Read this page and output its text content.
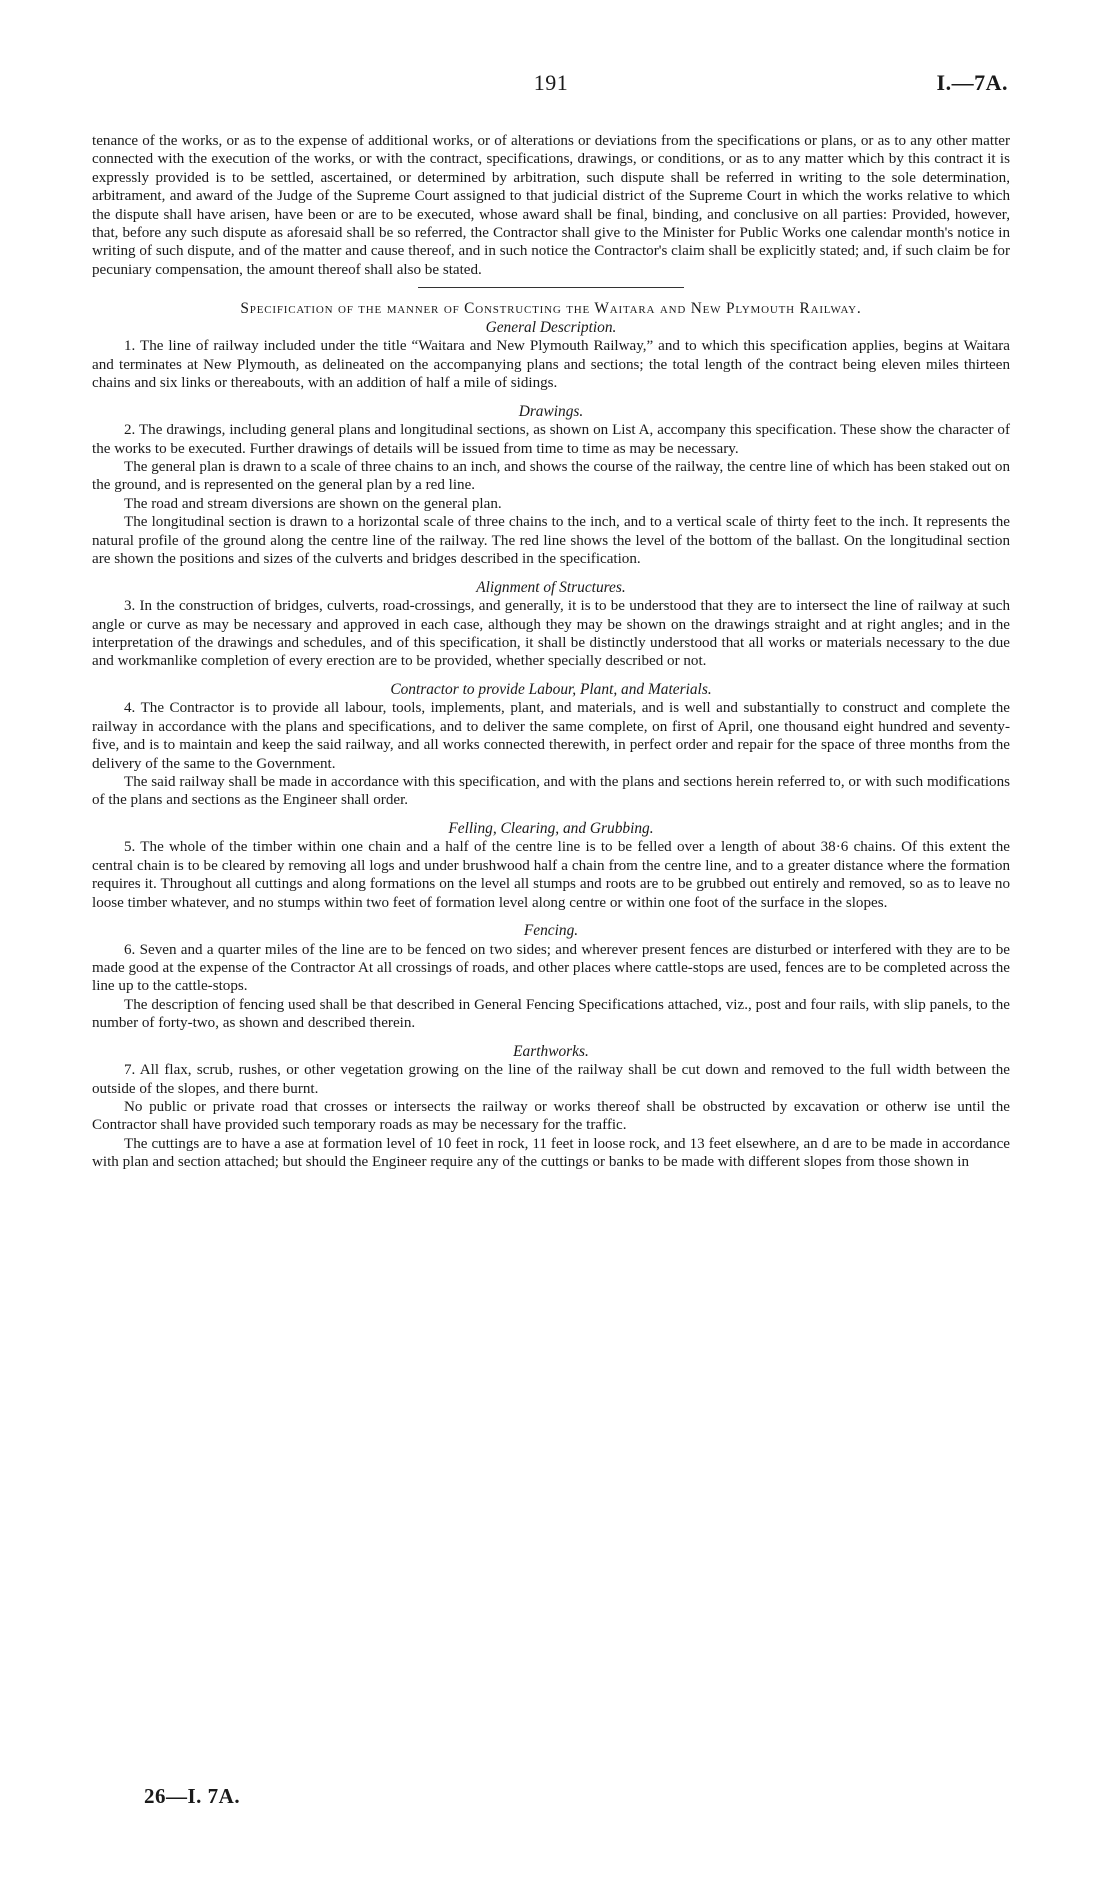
191	I.—7A.

tenance of the works, or as to the expense of additional works, or of alterations or deviations from the specifications or plans, or as to any other matter connected with the execution of the works, or with the contract, specifications, drawings, or conditions, or as to any matter which by this contract it is expressly provided is to be settled, ascertained, or determined by arbitration, such dispute shall be referred in writing to the sole determination, arbitrament, and award of the Judge of the Supreme Court assigned to that judicial district of the Supreme Court in which the works relative to which the dispute shall have arisen, have been or are to be executed, whose award shall be final, binding, and conclusive on all parties: Provided, however, that, before any such dispute as aforesaid shall be so referred, the Contractor shall give to the Minister for Public Works one calendar month's notice in writing of such dispute, and of the matter and cause thereof, and in such notice the Contractor's claim shall be explicitly stated; and, if such claim be for pecuniary compensation, the amount thereof shall also be stated.

Specification of the manner of Constructing the Waitara and New Plymouth Railway.

General Description.

1. The line of railway included under the title “Waitara and New Plymouth Railway,” and to which this specification applies, begins at Waitara and terminates at New Plymouth, as delineated on the accompanying plans and sections; the total length of the contract being eleven miles thirteen chains and six links or thereabouts, with an addition of half a mile of sidings.

Drawings.

2. The drawings, including general plans and longitudinal sections, as shown on List A, accompany this specification. These show the character of the works to be executed. Further drawings of details will be issued from time to time as may be necessary.

The general plan is drawn to a scale of three chains to an inch, and shows the course of the railway, the centre line of which has been staked out on the ground, and is represented on the general plan by a red line.

The road and stream diversions are shown on the general plan.

The longitudinal section is drawn to a horizontal scale of three chains to the inch, and to a vertical scale of thirty feet to the inch. It represents the natural profile of the ground along the centre line of the railway. The red line shows the level of the bottom of the ballast. On the longitudinal section are shown the positions and sizes of the culverts and bridges described in the specification.

Alignment of Structures.

3. In the construction of bridges, culverts, road-crossings, and generally, it is to be understood that they are to intersect the line of railway at such angle or curve as may be necessary and approved in each case, although they may be shown on the drawings straight and at right angles; and in the interpretation of the drawings and schedules, and of this specification, it shall be distinctly understood that all works or materials necessary to the due and workmanlike completion of every erection are to be provided, whether specially described or not.

Contractor to provide Labour, Plant, and Materials.

4. The Contractor is to provide all labour, tools, implements, plant, and materials, and is well and substantially to construct and complete the railway in accordance with the plans and specifications, and to deliver the same complete, on first of April, one thousand eight hundred and seventy-five, and is to maintain and keep the said railway, and all works connected therewith, in perfect order and repair for the space of three months from the delivery of the same to the Government.

The said railway shall be made in accordance with this specification, and with the plans and sections herein referred to, or with such modifications of the plans and sections as the Engineer shall order.

Felling, Clearing, and Grubbing.

5. The whole of the timber within one chain and a half of the centre line is to be felled over a length of about 38·6 chains. Of this extent the central chain is to be cleared by removing all logs and under brushwood half a chain from the centre line, and to a greater distance where the formation requires it. Throughout all cuttings and along formations on the level all stumps and roots are to be grubbed out entirely and removed, so as to leave no loose timber whatever, and no stumps within two feet of formation level along centre or within one foot of the surface in the slopes.

Fencing.

6. Seven and a quarter miles of the line are to be fenced on two sides; and wherever present fences are disturbed or interfered with they are to be made good at the expense of the Contractor At all crossings of roads, and other places where cattle-stops are used, fences are to be completed across the line up to the cattle-stops.

The description of fencing used shall be that described in General Fencing Specifications attached, viz., post and four rails, with slip panels, to the number of forty-two, as shown and described therein.

Earthworks.

7. All flax, scrub, rushes, or other vegetation growing on the line of the railway shall be cut down and removed to the full width between the outside of the slopes, and there burnt.

No public or private road that crosses or intersects the railway or works thereof shall be obstructed by excavation or otherw ise until the Contractor shall have provided such temporary roads as may be necessary for the traffic.

The cuttings are to have a ase at formation level of 10 feet in rock, 11 feet in loose rock, and 13 feet elsewhere, an d are to be made in accordance with plan and section attached; but should the Engineer require any of the cuttings or banks to be made with different slopes from those shown in

26—I. 7A.
